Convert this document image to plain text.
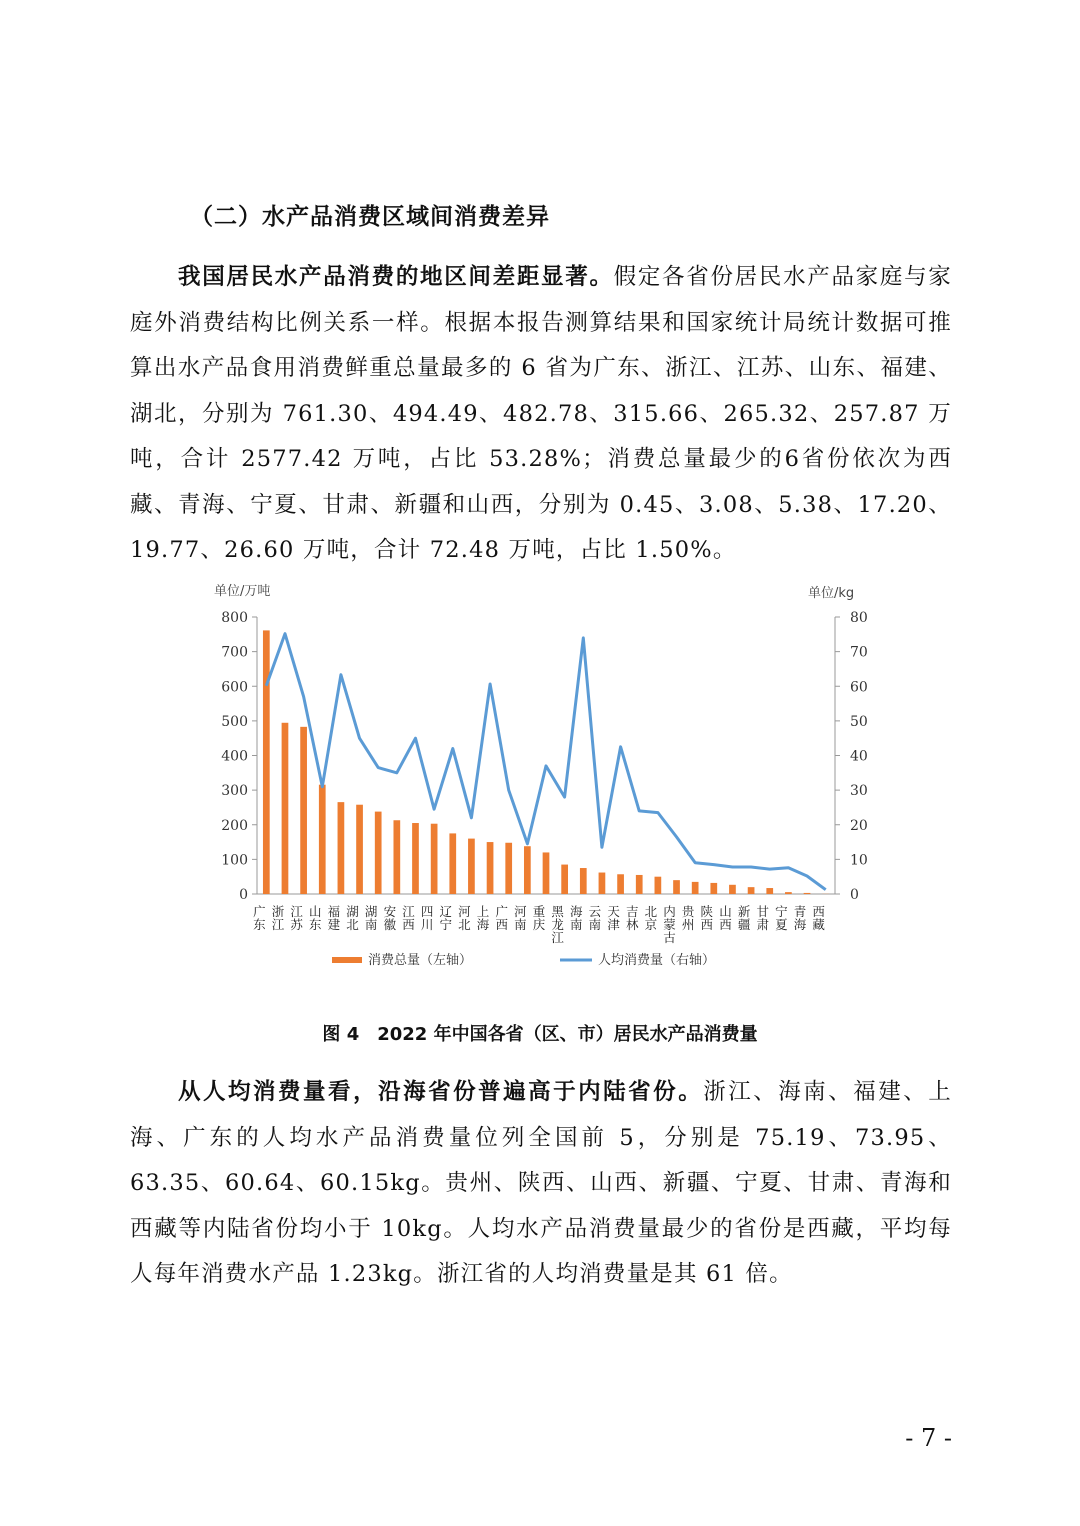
（二）水产品消费区域间消费差异
我国居民水产品消费的地区间差距显著。假定各省份居民水产品家庭与家庭外消费结构比例关系一样。根据本报告测算结果和国家统计局统计数据可推算出水产品食用消费鲜重总量最多的 6 省为广东、浙江、江苏、山东、福建、湖北，分别为 761.30、494.49、482.78、315.66、265.32、257.87 万吨，合计 2577.42 万吨，占比 53.28%；消费总量最少的6省份依次为西藏、青海、宁夏、甘肃、新疆和山西，分别为 0.45、3.08、5.38、17.20、19.77、26.60 万吨，合计 72.48 万吨，占比 1.50%。
单位/万吨	单位/kg
0
100
200
300
400
500
600
700
800
0
10
20
30
40
50
60
70
80
广
东
浙
江
江
苏
山
东
福
建
湖
北
湖
南
安
徽
江
西
四
川
辽
宁
河
北
上
海
广
西
河
南
重
庆
黑
龙
江
海
南
云
南
天
津
吉
林
北
京
内
蒙
古
贵
州
陕
西
山
西
新
疆
甘
肃
宁
夏
青
海
西
藏
消费总量（左轴）	人均消费量（右轴）
图 4　2022 年中国各省（区、市）居民水产品消费量
从人均消费量看，沿海省份普遍高于内陆省份。浙江、海南、福建、上海、广东的人均水产品消费量位列全国前 5，分别是 75.19、73.95、63.35、60.64、60.15kg。贵州、陕西、山西、新疆、宁夏、甘肃、青海和西藏等内陆省份均小于 10kg。人均水产品消费量最少的省份是西藏，平均每人每年消费水产品 1.23kg。浙江省的人均消费量是其 61 倍。
- 7 -
